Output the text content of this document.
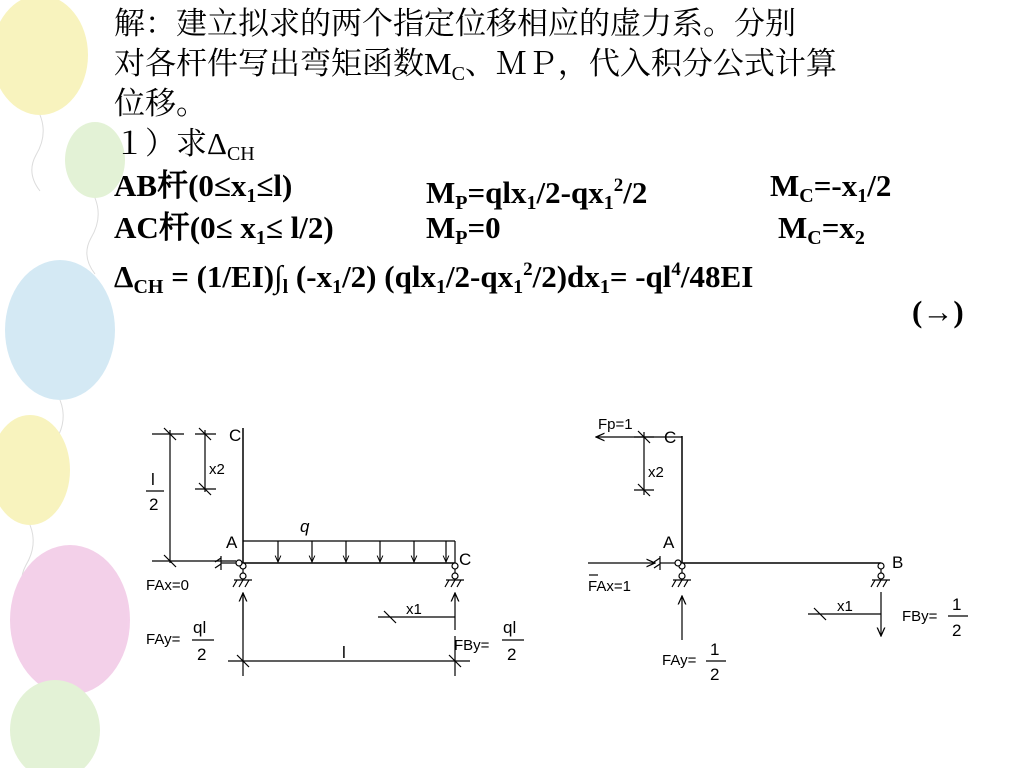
解：建立拟求的两个指定位移相应的虚力系。分别
对各杆件写出弯矩函数$M_C$、ＭＰ，代入积分公式计算
位移。
１）求$\Delta_{CH}$
AB杆$(0\le x_1\le l)$	$M_P=qlx_1/2-qx_1^2/2$	$M_C=-x_1/2$
AC杆$(0\le x_1\le l/2)$	$M_P=0$	$M_C=x_2$
$\Delta_{CH} = (1/EI)\int_l$ $(-x_1/2)$ $(qlx_1/2-qx_1^2/2)dx_1= -ql^4/48EI$
(→)
C
x2
l
2
q
A
C
FAx=0
x1
FAy=
ql
2	l	FBy=
ql
2
Fp=1
C
x2
A
B
FAx=1
x1
FBy=
1
2
FAy=
1
2
